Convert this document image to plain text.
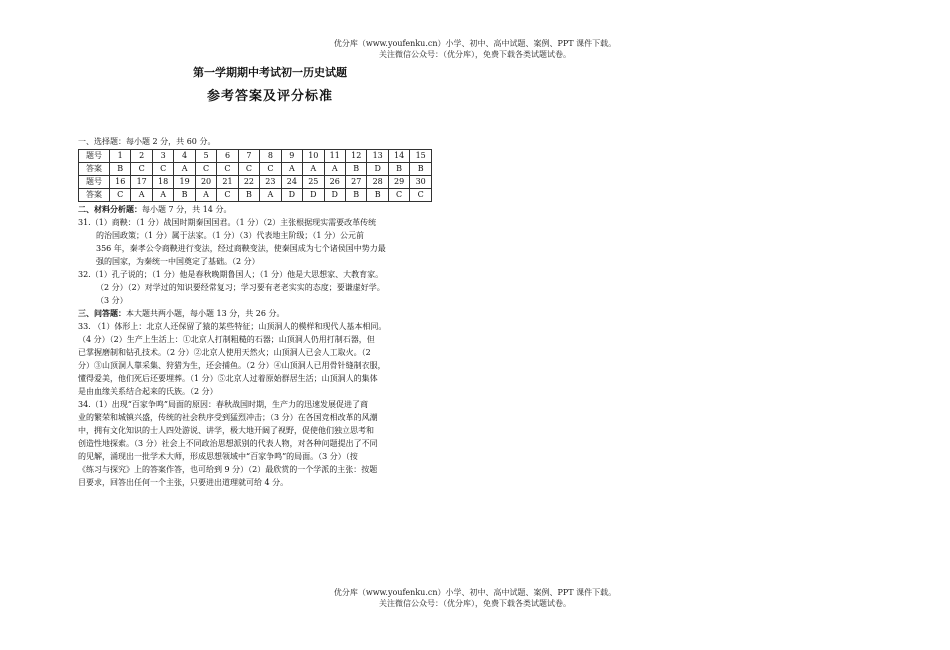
优分库（www.youfenku.cn）小学、初中、高中试题、案例、PPT 课件下载。
关注微信公众号：（优分库），免费下载各类试题试卷。
第一学期期中考试初一历史试题
参考答案及评分标准

一、选择题：每小题 2 分，共 60 分。

题号	1	2	3	4	5	6	7	8	9	10	11	12	13	14	15
答案	B	C	C	A	C	C	C	C	A	A	A	B	D	B	B
题号	16	17	18	19	20	21	22	23	24	25	26	27	28	29	30
答案	C	A	A	B	A	C	B	A	D	D	D	B	B	C	C

二、材料分析题：每小题 7 分，共 14 分。

31.（1）商鞅：（1 分）战国时期秦国国君。（1 分）（2）主张根据现实需要改革传统

的治国政策；（1 分）属于法家。（1 分）（3）代表地主阶级；（1 分）公元前

356 年，秦孝公令商鞅进行变法，经过商鞅变法，使秦国成为七个诸侯国中势力最

强的国家，为秦统一中国奠定了基础。（2 分）

32.（1）孔子说的；（1 分）他是春秋晚期鲁国人；（1 分）他是大思想家、大教育家。

（2 分）（2）对学过的知识要经常复习；学习要有老老实实的态度；要谦虚好学。

（3 分）

三、问答题：本大题共两小题，每小题 13 分，共 26 分。

33. （1）体形上：北京人还保留了猿的某些特征；山顶洞人的模样和现代人基本相同。

（4 分）（2）生产上生活上：①北京人打制粗糙的石器；山顶洞人仍用打制石器，但

已掌握磨制和钻孔技术。（2 分）②北京人使用天然火；山顶洞人已会人工取火。（2

分）③山顶洞人靠采集、狩猎为生，还会捕鱼。（2 分）④山顶洞人已用骨针缝制衣服，

懂得爱美，他们死后还要埋葬。（1 分）⑤北京人过着原始群居生活；山顶洞人的集体

是由血缘关系结合起来的氏族。（2 分）

34.（1）出现“百家争鸣”局面的原因：春秋战国时期，生产力的迅速发展促进了商

业的繁荣和城镇兴盛，传统的社会秩序受到猛烈冲击；（3 分）在各国竞相改革的风潮

中，拥有文化知识的士人四处游说、讲学，极大地开阔了视野，促使他们独立思考和

创造性地探索。（3 分）社会上不同政治思想派别的代表人物，对各种问题提出了不同

的见解，涌现出一批学术大师，形成思想领域中“百家争鸣”的局面。（3 分）（按

《练习与探究》上的答案作答，也可给到 9 分）（2）最欣赏的一个学派的主张：按题

目要求，回答出任何一个主张，只要进出道理就可给 4 分。

优分库（www.youfenku.cn）小学、初中、高中试题、案例、PPT 课件下载。
关注微信公众号：（优分库），免费下载各类试题试卷。
